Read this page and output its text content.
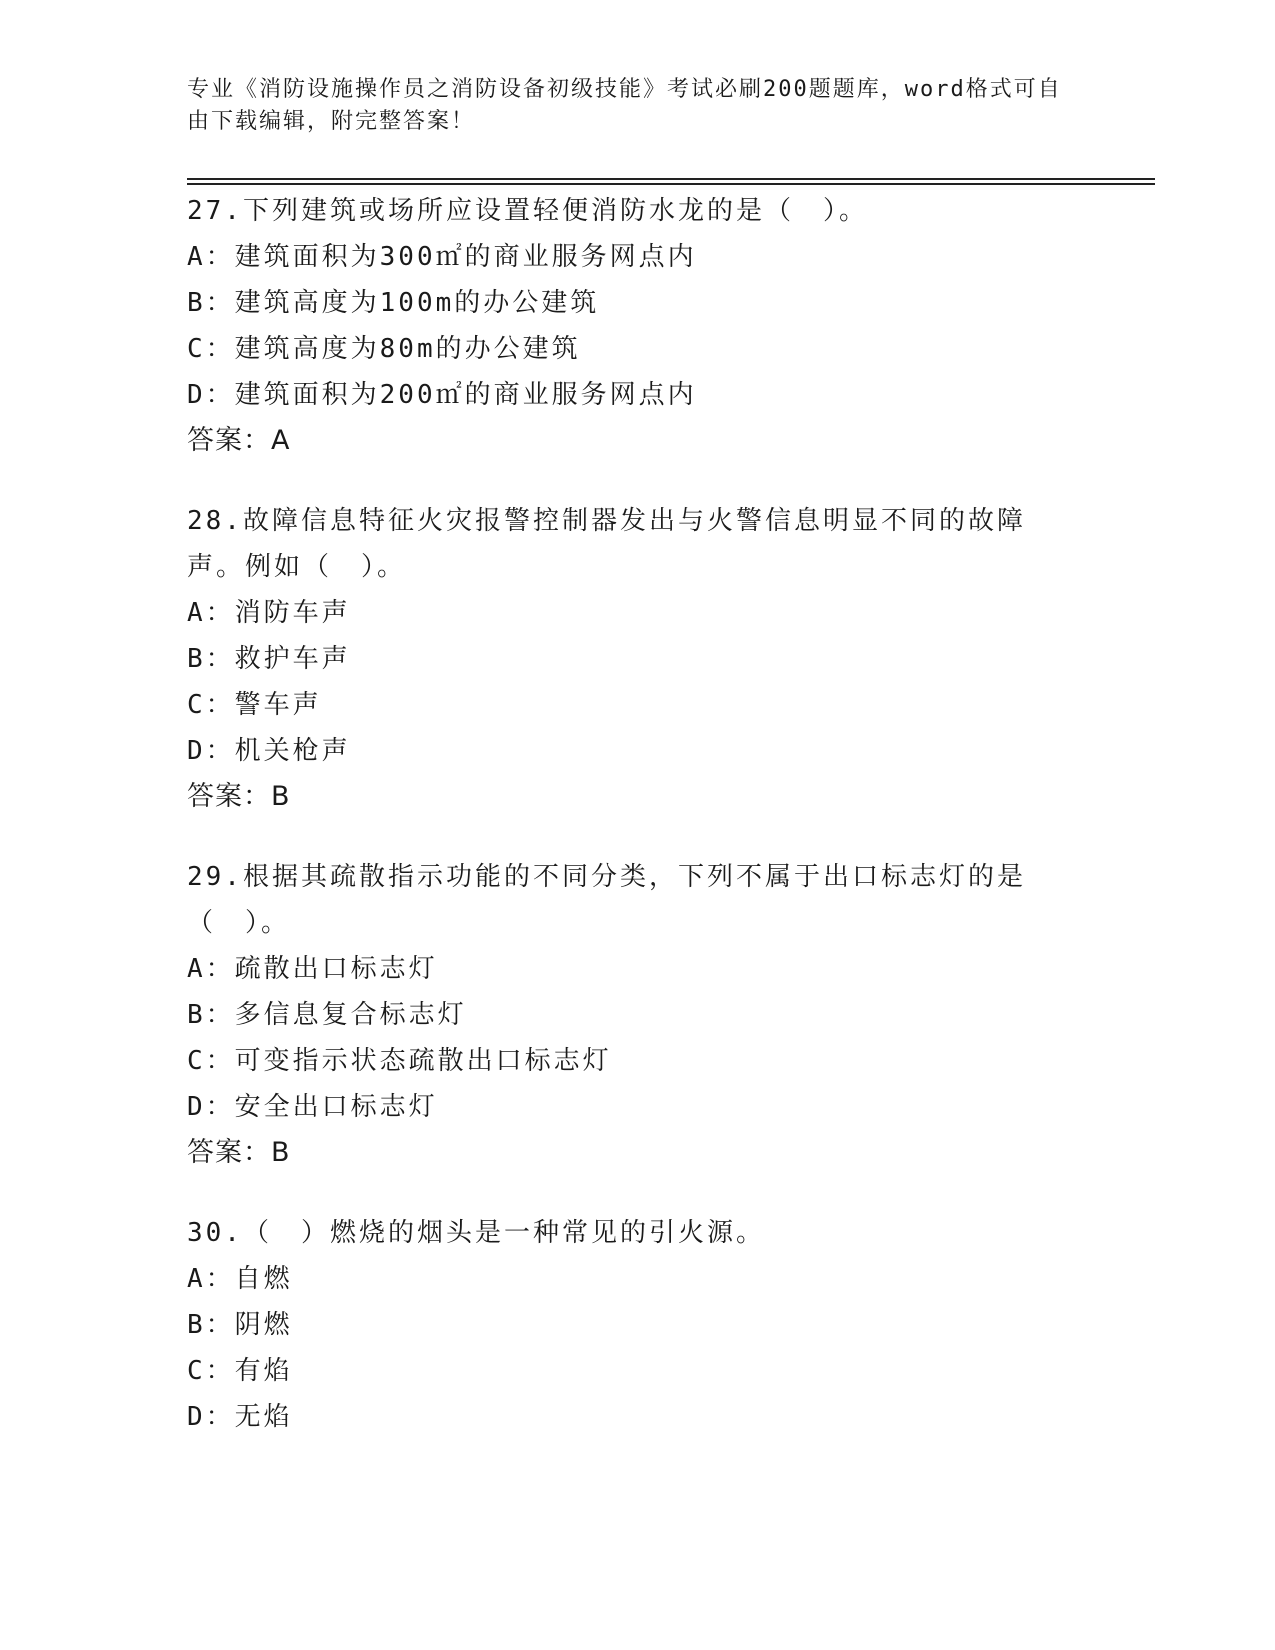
专业《消防设施操作员之消防设备初级技能》考试必刷200题题库，word格式可自由下载编辑，附完整答案！
27.下列建筑或场所应设置轻便消防水龙的是（　）。
A：建筑面积为300㎡的商业服务网点内
B：建筑高度为100m的办公建筑
C：建筑高度为80m的办公建筑
D：建筑面积为200㎡的商业服务网点内
答案：A
28.故障信息特征火灾报警控制器发出与火警信息明显不同的故障声。例如（　）。
A：消防车声
B：救护车声
C：警车声
D：机关枪声
答案：B
29.根据其疏散指示功能的不同分类，下列不属于出口标志灯的是（　）。
A：疏散出口标志灯
B：多信息复合标志灯
C：可变指示状态疏散出口标志灯
D：安全出口标志灯
答案：B
30.（　）燃烧的烟头是一种常见的引火源。
A：自燃
B：阴燃
C：有焰
D：无焰
